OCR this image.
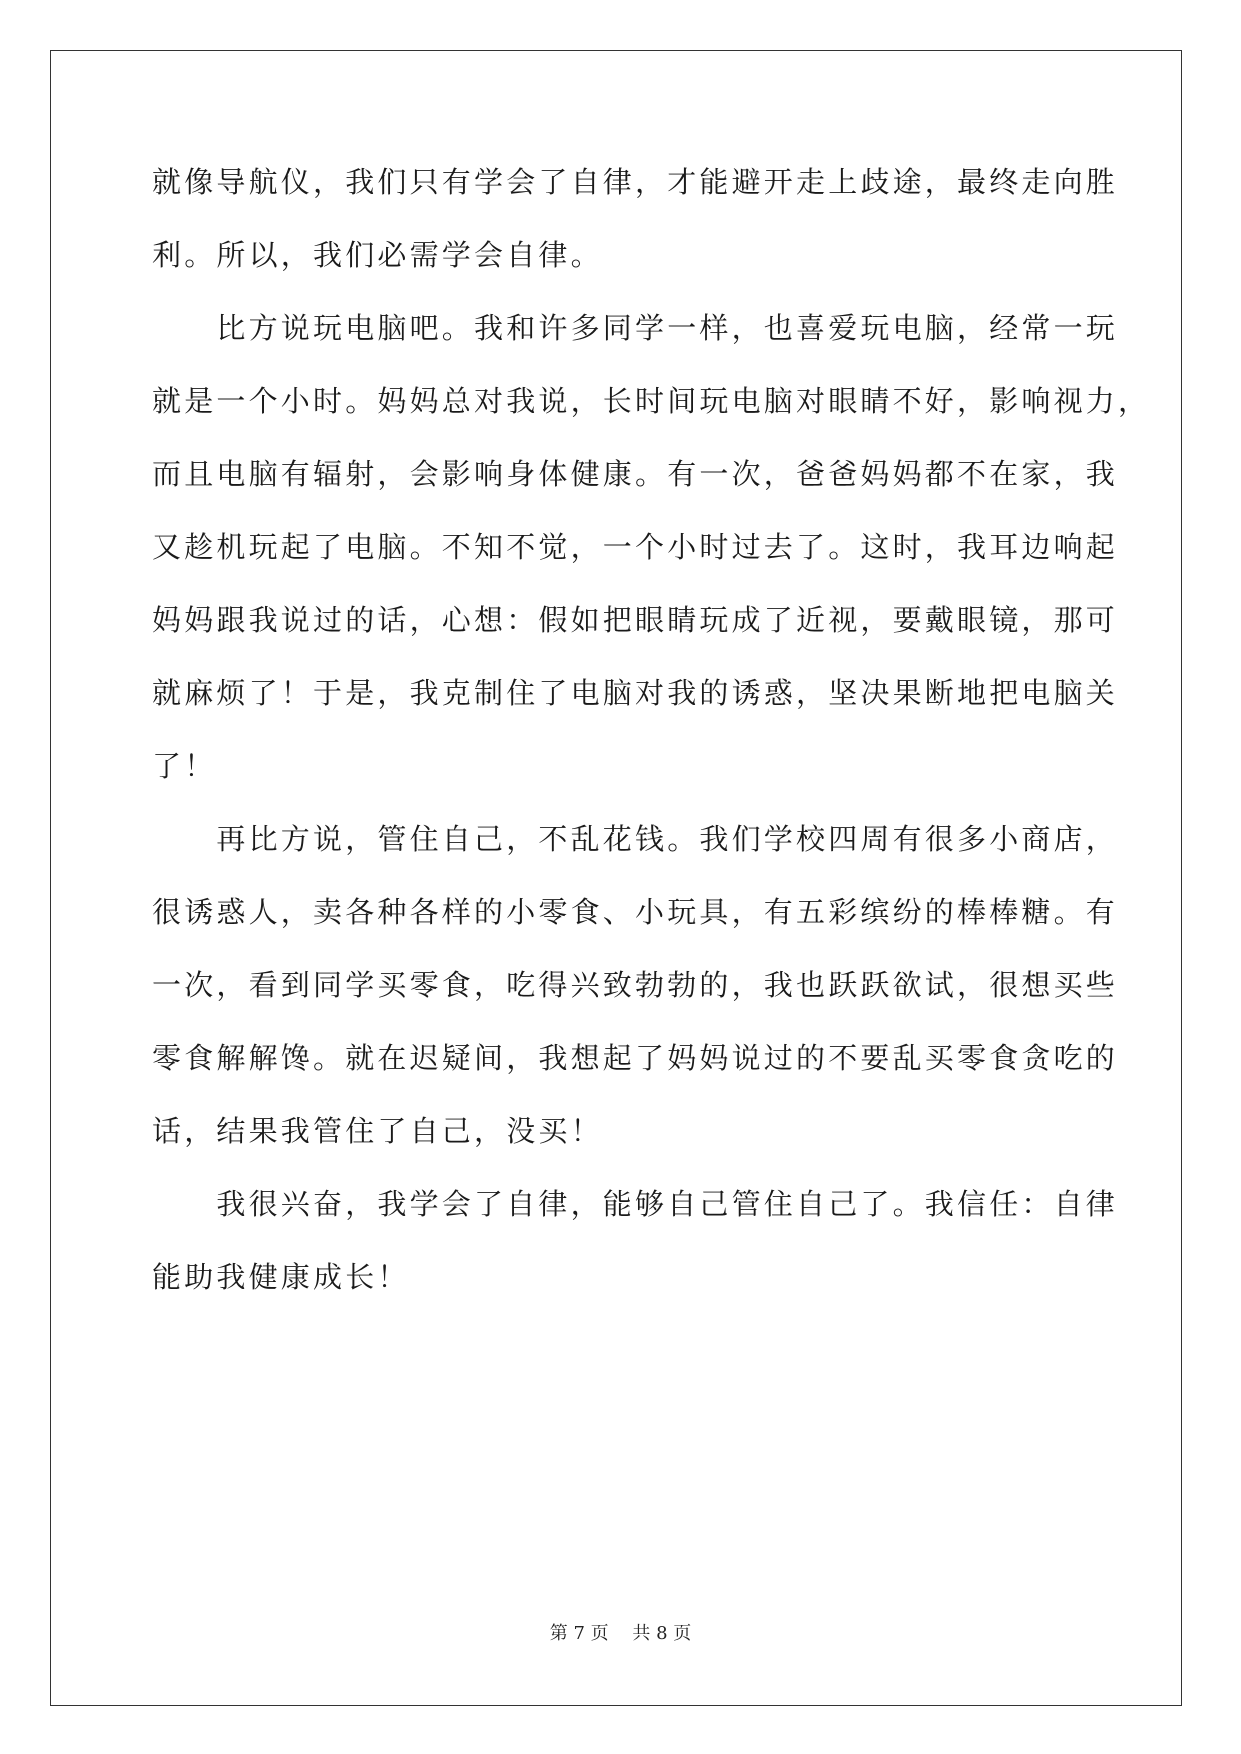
就像导航仪，我们只有学会了自律，才能避开走上歧途，最终走向胜
利。所以，我们必需学会自律。
　　比方说玩电脑吧。我和许多同学一样，也喜爱玩电脑，经常一玩
就是一个小时。妈妈总对我说，长时间玩电脑对眼睛不好，影响视力，
而且电脑有辐射，会影响身体健康。有一次，爸爸妈妈都不在家，我
又趁机玩起了电脑。不知不觉，一个小时过去了。这时，我耳边响起
妈妈跟我说过的话，心想：假如把眼睛玩成了近视，要戴眼镜，那可
就麻烦了！于是，我克制住了电脑对我的诱惑，坚决果断地把电脑关
了！
　　再比方说，管住自己，不乱花钱。我们学校四周有很多小商店，
很诱惑人，卖各种各样的小零食、小玩具，有五彩缤纷的棒棒糖。有
一次，看到同学买零食，吃得兴致勃勃的，我也跃跃欲试，很想买些
零食解解馋。就在迟疑间，我想起了妈妈说过的不要乱买零食贪吃的
话，结果我管住了自己，没买！
　　我很兴奋，我学会了自律，能够自己管住自己了。我信任：自律
能助我健康成长！
第 7 页　 共 8 页
